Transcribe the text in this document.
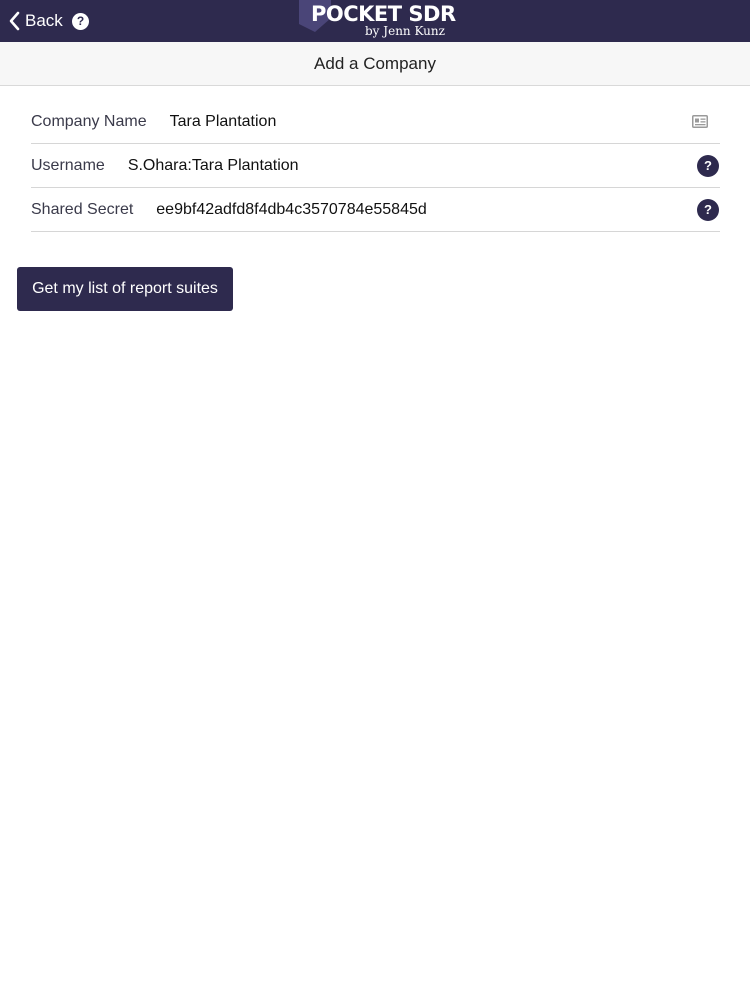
Back	?	POCKET SDR
by Jenn Kunz
Add a Company
Company Name Tara Plantation
Username S.Ohara:Tara Plantation	?
Shared Secret ee9bf42adfd8f4db4c3570784e55845d	?
Get my list of report suites
